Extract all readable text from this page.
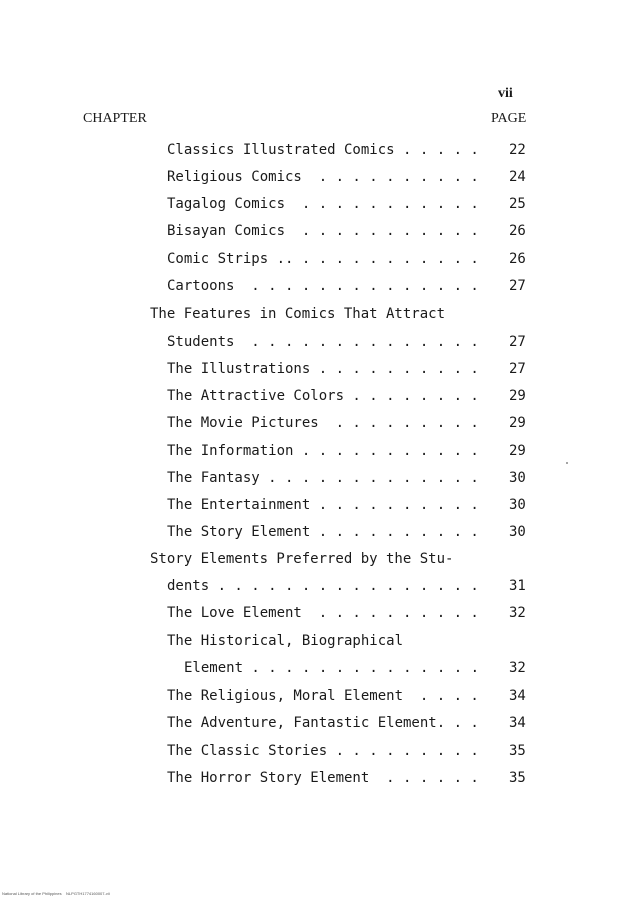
vii
CHAPTER	PAGE
Classics Illustrated Comics . . . . . 22
Religious Comics  . . . . . . . . . . 24
Tagalog Comics  . . . . . . . . . . . 25
Bisayan Comics  . . . . . . . . . . . 26
Comic Strips .. . . . . . . . . . . . 26
Cartoons  . . . . . . . . . . . . . . 27
The Features in Comics That Attract
Students  . . . . . . . . . . . . . . 27
The Illustrations . . . . . . . . . . 27
The Attractive Colors . . . . . . . . 29
The Movie Pictures  . . . . . . . . . 29
The Information . . . . . . . . . . . 29
The Fantasy . . . . . . . . . . . . . 30
The Entertainment . . . . . . . . . . 30
The Story Element . . . . . . . . . . 30
Story Elements Preferred by the Stu-
dents . . . . . . . . . . . . . . . . 31
The Love Element  . . . . . . . . . . 32
The Historical, Biographical
Element . . . . . . . . . . . . . . 32
The Religious, Moral Element  . . . . 34
The Adventure, Fantastic Element. . . 34
The Classic Stories . . . . . . . . . 35
The Horror Story Element  . . . . . . 35
National Library of the Philippines    NLPGTH1774160007-vii
